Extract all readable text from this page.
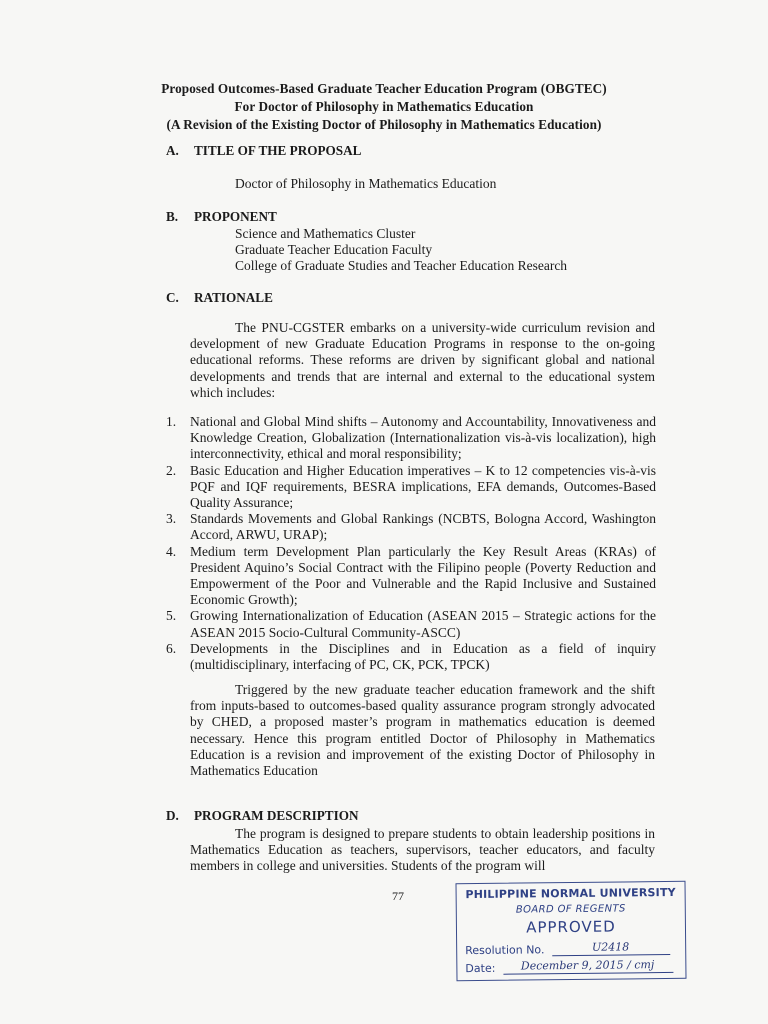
Proposed Outcomes-Based Graduate Teacher Education Program (OBGTEC)
For Doctor of Philosophy in Mathematics Education
(A Revision of the Existing Doctor of Philosophy in Mathematics Education)
A. TITLE OF THE PROPOSAL
Doctor of Philosophy in Mathematics Education
B. PROPONENT
Science and Mathematics Cluster
Graduate Teacher Education Faculty
College of Graduate Studies and Teacher Education Research
C. RATIONALE
The PNU-CGSTER embarks on a university-wide curriculum revision and development of new Graduate Education Programs in response to the on-going educational reforms. These reforms are driven by significant global and national developments and trends that are internal and external to the educational system which includes:
1. National and Global Mind shifts – Autonomy and Accountability, Innovativeness and Knowledge Creation, Globalization (Internationalization vis-à-vis localization), high interconnectivity, ethical and moral responsibility;
2. Basic Education and Higher Education imperatives – K to 12 competencies vis-à-vis PQF and IQF requirements, BESRA implications, EFA demands, Outcomes-Based Quality Assurance;
3. Standards Movements and Global Rankings (NCBTS, Bologna Accord, Washington Accord, ARWU, URAP);
4. Medium term Development Plan particularly the Key Result Areas (KRAs) of President Aquino’s Social Contract with the Filipino people (Poverty Reduction and Empowerment of the Poor and Vulnerable and the Rapid Inclusive and Sustained Economic Growth);
5. Growing Internationalization of Education (ASEAN 2015 – Strategic actions for the ASEAN 2015 Socio-Cultural Community-ASCC)
6. Developments in the Disciplines and in Education as a field of inquiry (multidisciplinary, interfacing of PC, CK, PCK, TPCK)
Triggered by the new graduate teacher education framework and the shift from inputs-based to outcomes-based quality assurance program strongly advocated by CHED, a proposed master’s program in mathematics education is deemed necessary. Hence this program entitled Doctor of Philosophy in Mathematics Education is a revision and improvement of the existing Doctor of Philosophy in Mathematics Education
D. PROGRAM DESCRIPTION
The program is designed to prepare students to obtain leadership positions in Mathematics Education as teachers, supervisors, teacher educators, and faculty members in college and universities. Students of the program will
77	PHILIPPINE NORMAL UNIVERSITY
BOARD OF REGENTS
APPROVED
Resolution No.	U2418
Date: December 9, 2015 / cmj
